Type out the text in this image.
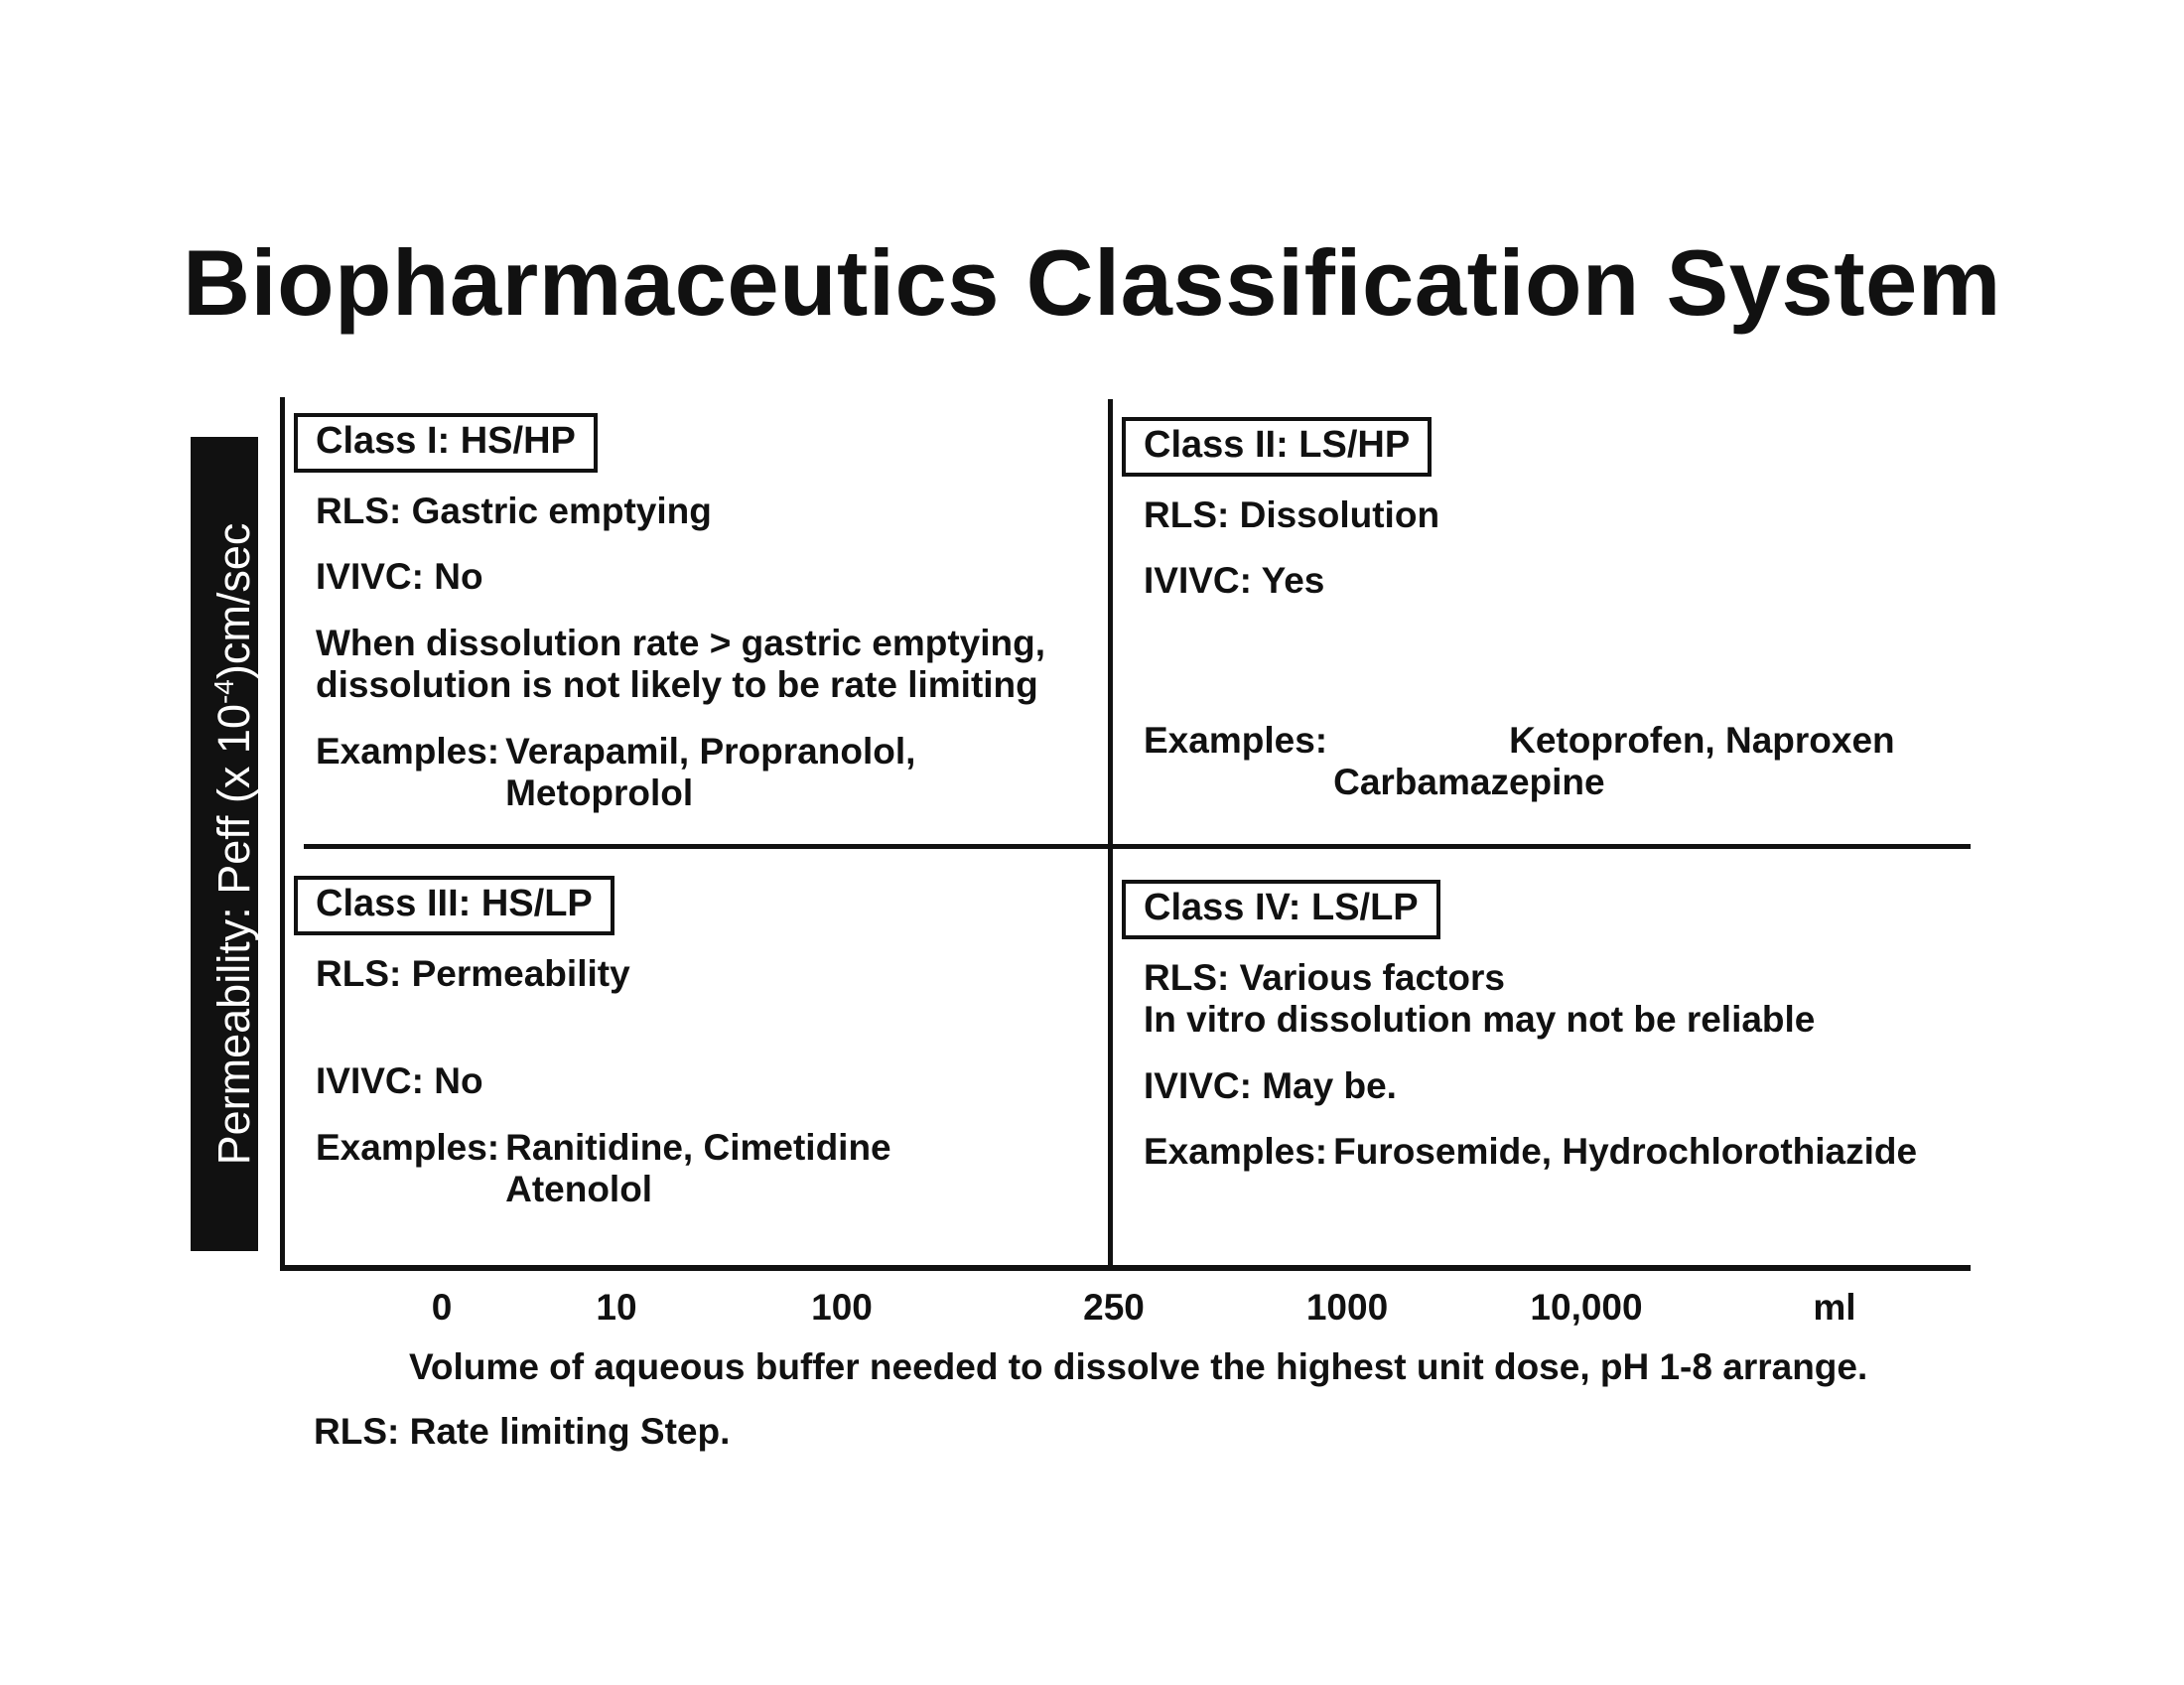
Biopharmaceutics Classification System
Permeability: Peff (x $10^{-4})cm/\sec$
Class I: HS/HP
RLS: Gastric emptying
IVIVC: No
When dissolution rate > gastric emptying,
dissolution is not likely to be rate limiting
Examples: Verapamil, Propranolol,
Metoprolol
Class II: LS/HP
RLS: Dissolution
IVIVC: Yes
Examples:	Ketoprofen, Naproxen
Carbamazepine
Class III: HS/LP
RLS: Permeability
IVIVC: No
Examples: Ranitidine, Cimetidine
Atenolol
Class IV: LS/LP
RLS: Various factors
In vitro dissolution may not be reliable
IVIVC: May be.
Examples: Furosemide, Hydrochlorothiazide
0	10	100	250	1000	10,000	ml
Volume of aqueous buffer needed to dissolve the highest unit dose, pH 1-8 arrange.
RLS: Rate limiting Step.
